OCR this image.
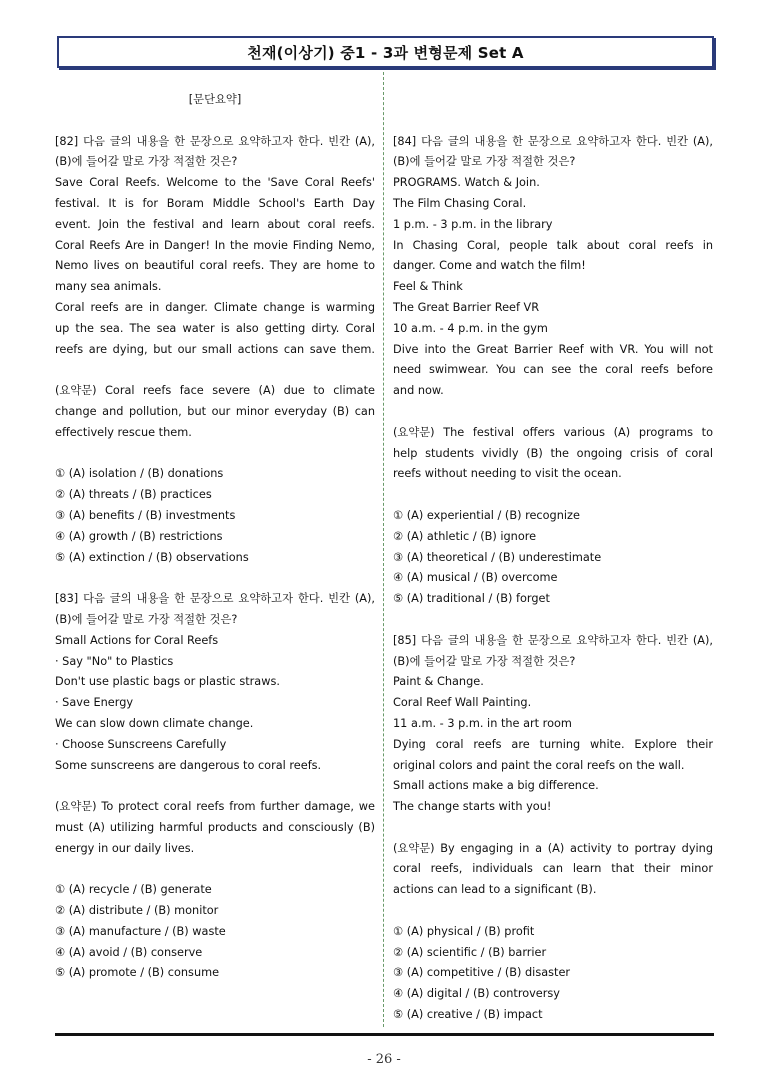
천재(이상기) 중1 - 3과 변형문제 Set A
[문단요약]
[82] 다음 글의 내용을 한 문장으로 요약하고자 한다. 빈칸 (A),
(B)에 들어갈 말로 가장 적절한 것은?
Save Coral Reefs. Welcome to the 'Save Coral Reefs'
festival. It is for Boram Middle School's Earth Day
event. Join the festival and learn about coral reefs.
Coral Reefs Are in Danger! In the movie Finding Nemo,
Nemo lives on beautiful coral reefs. They are home to
many sea animals.
Coral reefs are in danger. Climate change is warming
up the sea. The sea water is also getting dirty. Coral
reefs are dying, but our small actions can save them.
(요약문) Coral reefs face severe (A) due to climate
change and pollution, but our minor everyday (B) can
effectively rescue them.
① (A) isolation / (B) donations
② (A) threats / (B) practices
③ (A) benefits / (B) investments
④ (A) growth / (B) restrictions
⑤ (A) extinction / (B) observations
[83] 다음 글의 내용을 한 문장으로 요약하고자 한다. 빈칸 (A),
(B)에 들어갈 말로 가장 적절한 것은?
Small Actions for Coral Reefs
· Say "No" to Plastics
Don't use plastic bags or plastic straws.
· Save Energy
We can slow down climate change.
· Choose Sunscreens Carefully
Some sunscreens are dangerous to coral reefs.
(요약문) To protect coral reefs from further damage, we
must (A) utilizing harmful products and consciously (B)
energy in our daily lives.
① (A) recycle / (B) generate
② (A) distribute / (B) monitor
③ (A) manufacture / (B) waste
④ (A) avoid / (B) conserve
⑤ (A) promote / (B) consume
[84] 다음 글의 내용을 한 문장으로 요약하고자 한다. 빈칸 (A),
(B)에 들어갈 말로 가장 적절한 것은?
PROGRAMS. Watch & Join.
The Film Chasing Coral.
1 p.m. - 3 p.m. in the library
In Chasing Coral, people talk about coral reefs in
danger. Come and watch the film!
Feel & Think
The Great Barrier Reef VR
10 a.m. - 4 p.m. in the gym
Dive into the Great Barrier Reef with VR. You will not
need swimwear. You can see the coral reefs before
and now.
(요약문) The festival offers various (A) programs to
help students vividly (B) the ongoing crisis of coral
reefs without needing to visit the ocean.
① (A) experiential / (B) recognize
② (A) athletic / (B) ignore
③ (A) theoretical / (B) underestimate
④ (A) musical / (B) overcome
⑤ (A) traditional / (B) forget
[85] 다음 글의 내용을 한 문장으로 요약하고자 한다. 빈칸 (A),
(B)에 들어갈 말로 가장 적절한 것은?
Paint & Change.
Coral Reef Wall Painting.
11 a.m. - 3 p.m. in the art room
Dying coral reefs are turning white. Explore their
original colors and paint the coral reefs on the wall.
Small actions make a big difference.
The change starts with you!
(요약문) By engaging in a (A) activity to portray dying
coral reefs, individuals can learn that their minor
actions can lead to a significant (B).
① (A) physical / (B) profit
② (A) scientific / (B) barrier
③ (A) competitive / (B) disaster
④ (A) digital / (B) controversy
⑤ (A) creative / (B) impact
- 26 -
